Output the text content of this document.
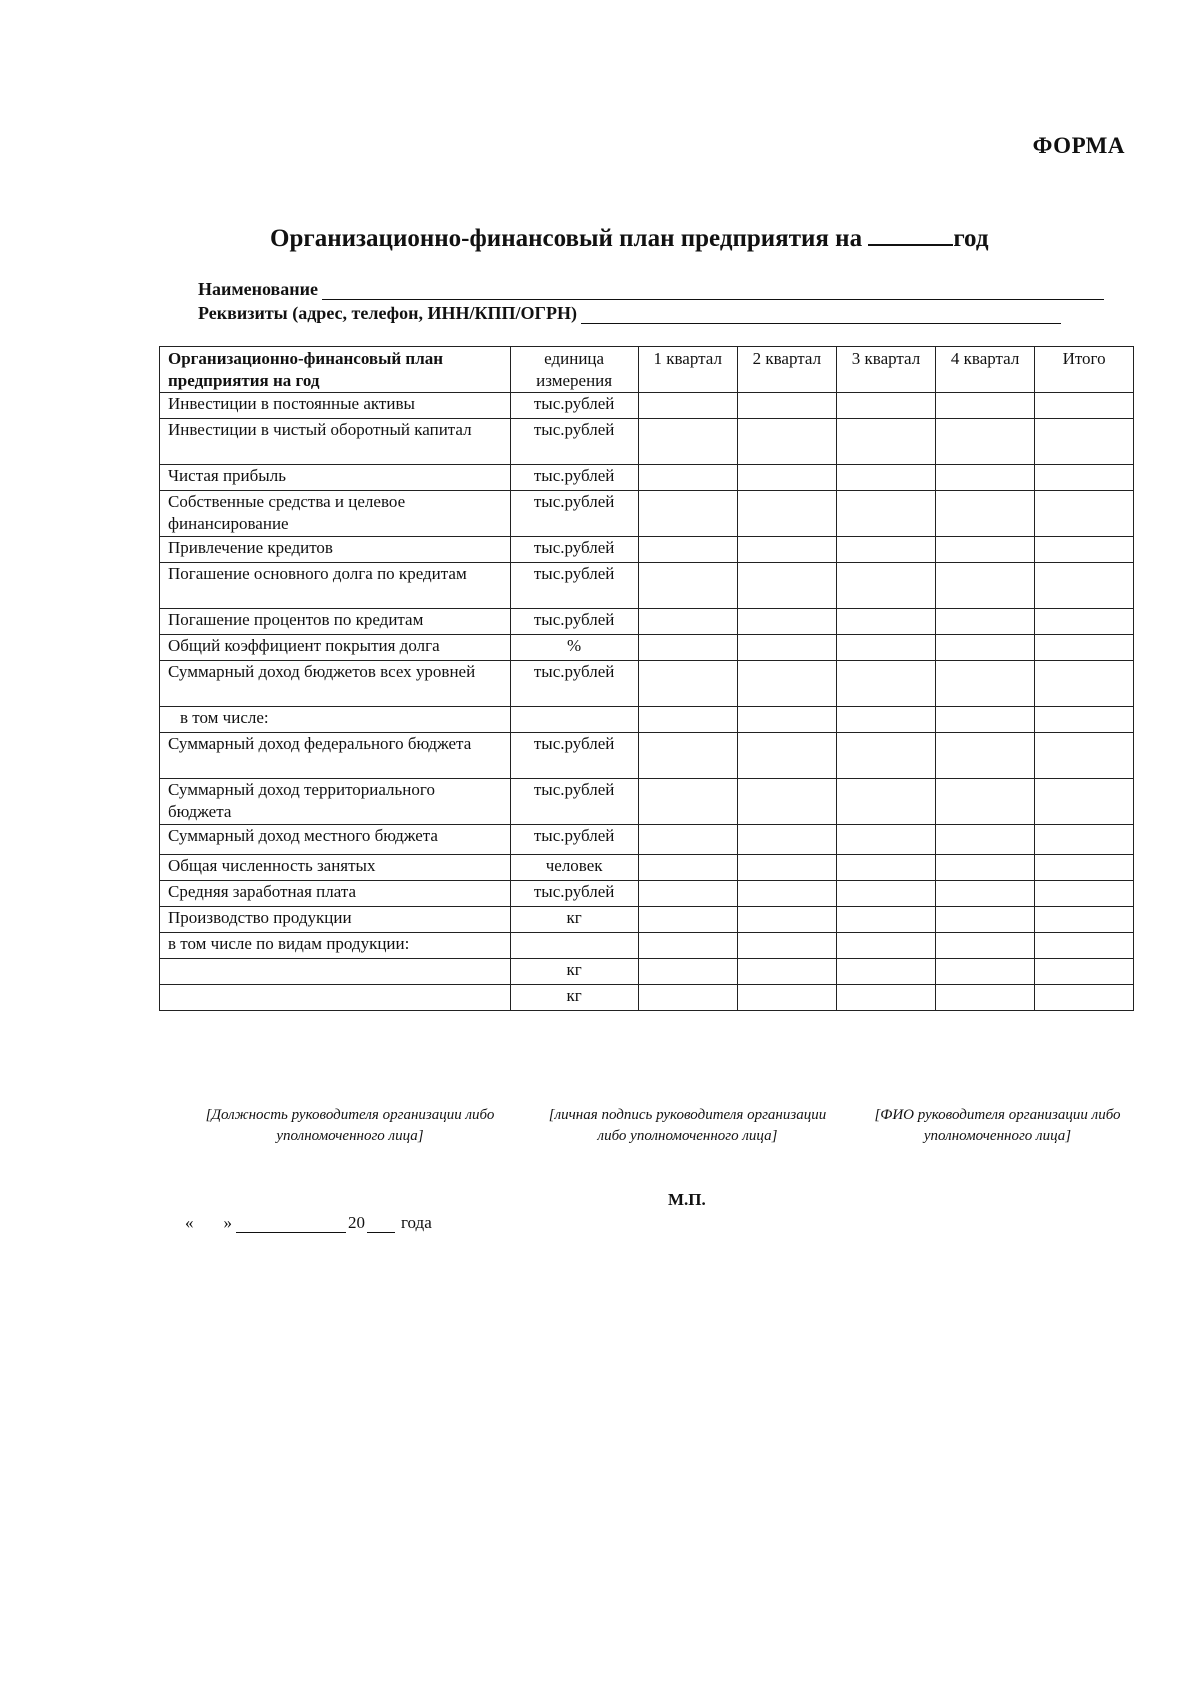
ФОРМА
Организационно-финансовый план предприятия на	год
Наименование
Реквизиты (адрес, телефон, ИНН/КПП/ОГРН)
Организационно-финансовый план предприятия на год	единица измерения	1 квартал	2 квартал	3 квартал	4 квартал	Итого
Инвестиции в постоянные активы	тыс.рублей					
Инвестиции в чистый оборотный капитал	тыс.рублей					
Чистая прибыль	тыс.рублей					
Собственные средства и целевое финансирование	тыс.рублей					
Привлечение кредитов	тыс.рублей					
Погашение основного долга по кредитам	тыс.рублей					
Погашение процентов по кредитам	тыс.рублей					
Общий коэффициент покрытия долга	%					
Суммарный доход бюджетов всех уровней	тыс.рублей					
в том числе:						
Суммарный доход федерального бюджета	тыс.рублей					
Суммарный доход территориального бюджета	тыс.рублей					
Суммарный доход местного бюджета	тыс.рублей					
Общая численность занятых	человек					
Средняя заработная плата	тыс.рублей					
Производство продукции	кг					
в том числе по видам продукции:						
	кг					
	кг					
[Должность руководителя организации либо уполномоченного лица]
[личная подпись руководителя организации либо уполномоченного лица]
[ФИО руководителя организации либо уполномоченного лица]
М.П.
« »	20 года
